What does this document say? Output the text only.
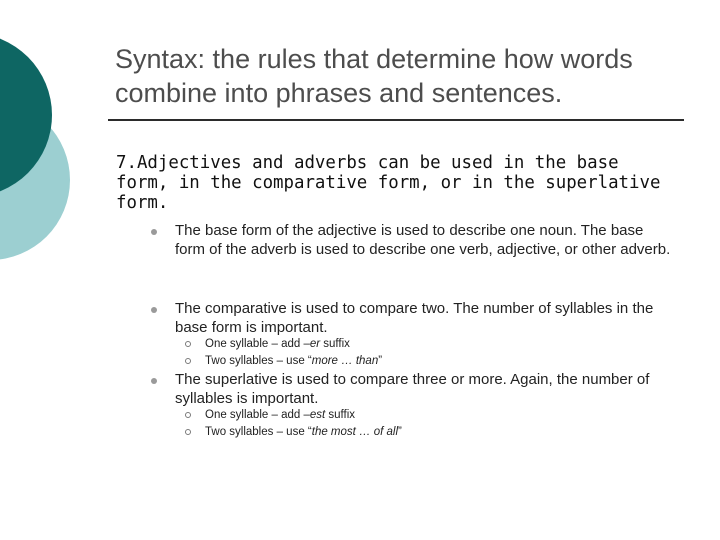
Syntax: the rules that determine how words combine into phrases and sentences.
7.Adjectives and adverbs can be used in the base form, in the comparative form, or in the superlative form.
The base form of the adjective is used to describe one noun. The base form of the adverb is used to describe one verb, adjective, or other adverb.
The comparative is used to compare two. The number of syllables in the base form is important.
One syllable – add –er suffix
Two syllables – use “more … than”
The superlative is used to compare three or more. Again, the number of syllables is important.
One syllable – add –est suffix
Two syllables – use “the most … of all”
